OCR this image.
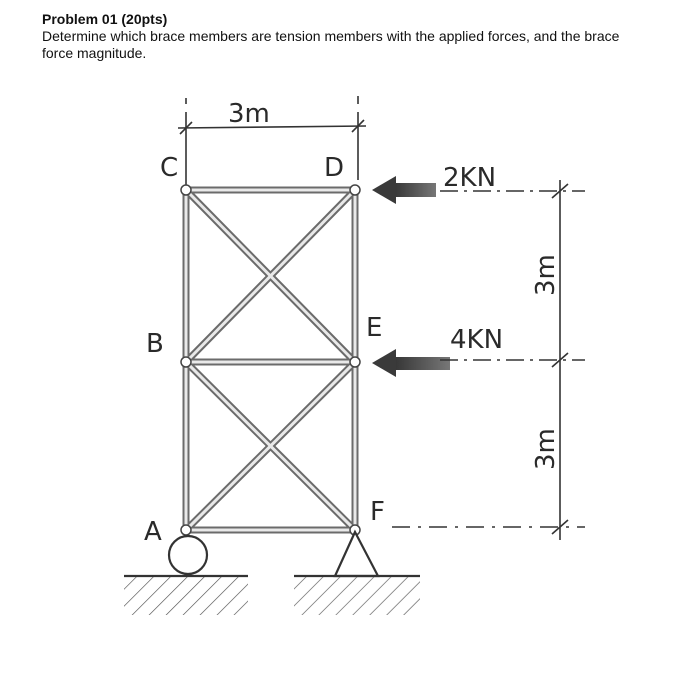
Problem 01 (20pts)

Determine which brace members are tension members with the applied forces, and the brace force magnitude.

3m
C	D
B
E
A
F
2KN
4KN
3m
3m
